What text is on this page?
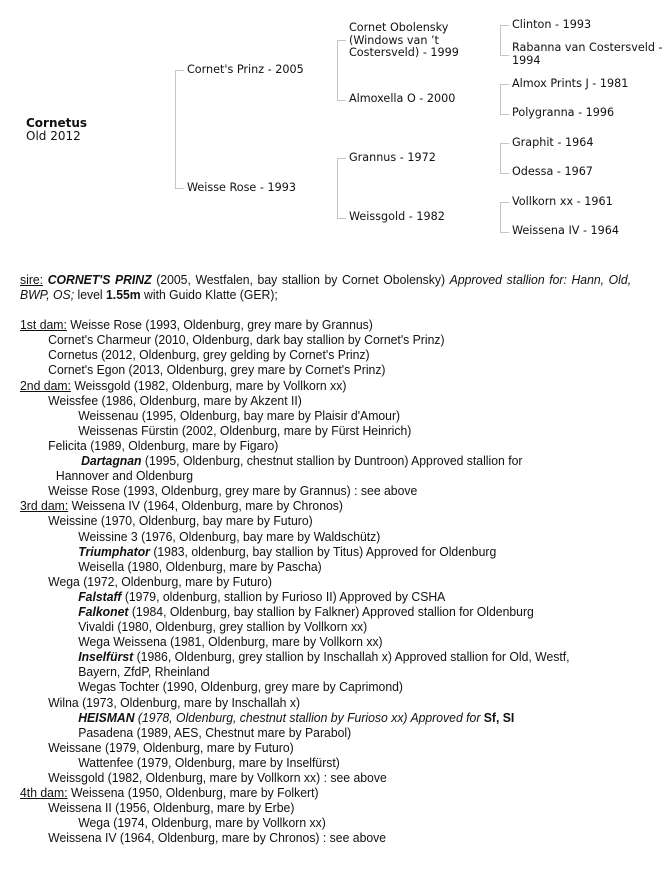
Cornetus
Old 2012
Cornet's Prinz - 2005
Weisse Rose - 1993
Cornet Obolensky
(Windows van ’t
Costersveld) - 1999
Almoxella O - 2000
Grannus - 1972
Weissgold - 1982
Clinton - 1993
Rabanna van Costersveld -
1994
Almox Prints J - 1981
Polygranna - 1996
Graphit - 1964
Odessa - 1967
Vollkorn xx - 1961
Weissena IV - 1964

sire: CORNET'S PRINZ (2005, Westfalen, bay stallion by Cornet Obolensky) Approved stallion for: Hann, Old, BWP, OS; level 1.55m with Guido Klatte (GER);

1st dam: Weisse Rose (1993, Oldenburg, grey mare by Grannus)

Cornet's Charmeur (2010, Oldenburg, dark bay stallion by Cornet's Prinz)

Cornetus (2012, Oldenburg, grey gelding by Cornet's Prinz)

Cornet's Egon (2013, Oldenburg, grey mare by Cornet's Prinz)

2nd dam: Weissgold (1982, Oldenburg, mare by Vollkorn xx)

Weissfee (1986, Oldenburg, mare by Akzent II)

Weissenau (1995, Oldenburg, bay mare by Plaisir d'Amour)

Weissenas Fürstin (2002, Oldenburg, mare by Fürst Heinrich)

Felicita (1989, Oldenburg, mare by Figaro)

Dartagnan (1995, Oldenburg, chestnut stallion by Duntroon) Approved stallion for

Hannover and Oldenburg

Weisse Rose (1993, Oldenburg, grey mare by Grannus) : see above

3rd dam: Weissena IV (1964, Oldenburg, mare by Chronos)

Weissine (1970, Oldenburg, bay mare by Futuro)

Weissine 3 (1976, Oldenburg, bay mare by Waldschütz)

Triumphator (1983, oldenburg, bay stallion by Titus) Approved for Oldenburg

Weisella (1980, Oldenburg, mare by Pascha)

Wega (1972, Oldenburg, mare by Futuro)

Falstaff (1979, oldenburg, stallion by Furioso II) Approved by CSHA

Falkonet (1984, Oldenburg, bay stallion by Falkner) Approved stallion for Oldenburg

Vivaldi (1980, Oldenburg, grey stallion by Vollkorn xx)

Wega Weissena (1981, Oldenburg, mare by Vollkorn xx)

Inselfürst (1986, Oldenburg, grey stallion by Inschallah x) Approved stallion for Old, Westf,

Bayern, ZfdP, Rheinland

Wegas Tochter (1990, Oldenburg, grey mare by Caprimond)

Wilna (1973, Oldenburg, mare by Inschallah x)

HEISMAN (1978, Oldenburg, chestnut stallion by Furioso xx) Approved for Sf, SI

Pasadena (1989, AES, Chestnut mare by Parabol)

Weissane (1979, Oldenburg, mare by Futuro)

Wattenfee (1979, Oldenburg, mare by Inselfürst)

Weissgold (1982, Oldenburg, mare by Vollkorn xx) : see above

4th dam: Weissena (1950, Oldenburg, mare by Folkert)

Weissena II (1956, Oldenburg, mare by Erbe)

Wega (1974, Oldenburg, mare by Vollkorn xx)

Weissena IV (1964, Oldenburg, mare by Chronos) : see above
